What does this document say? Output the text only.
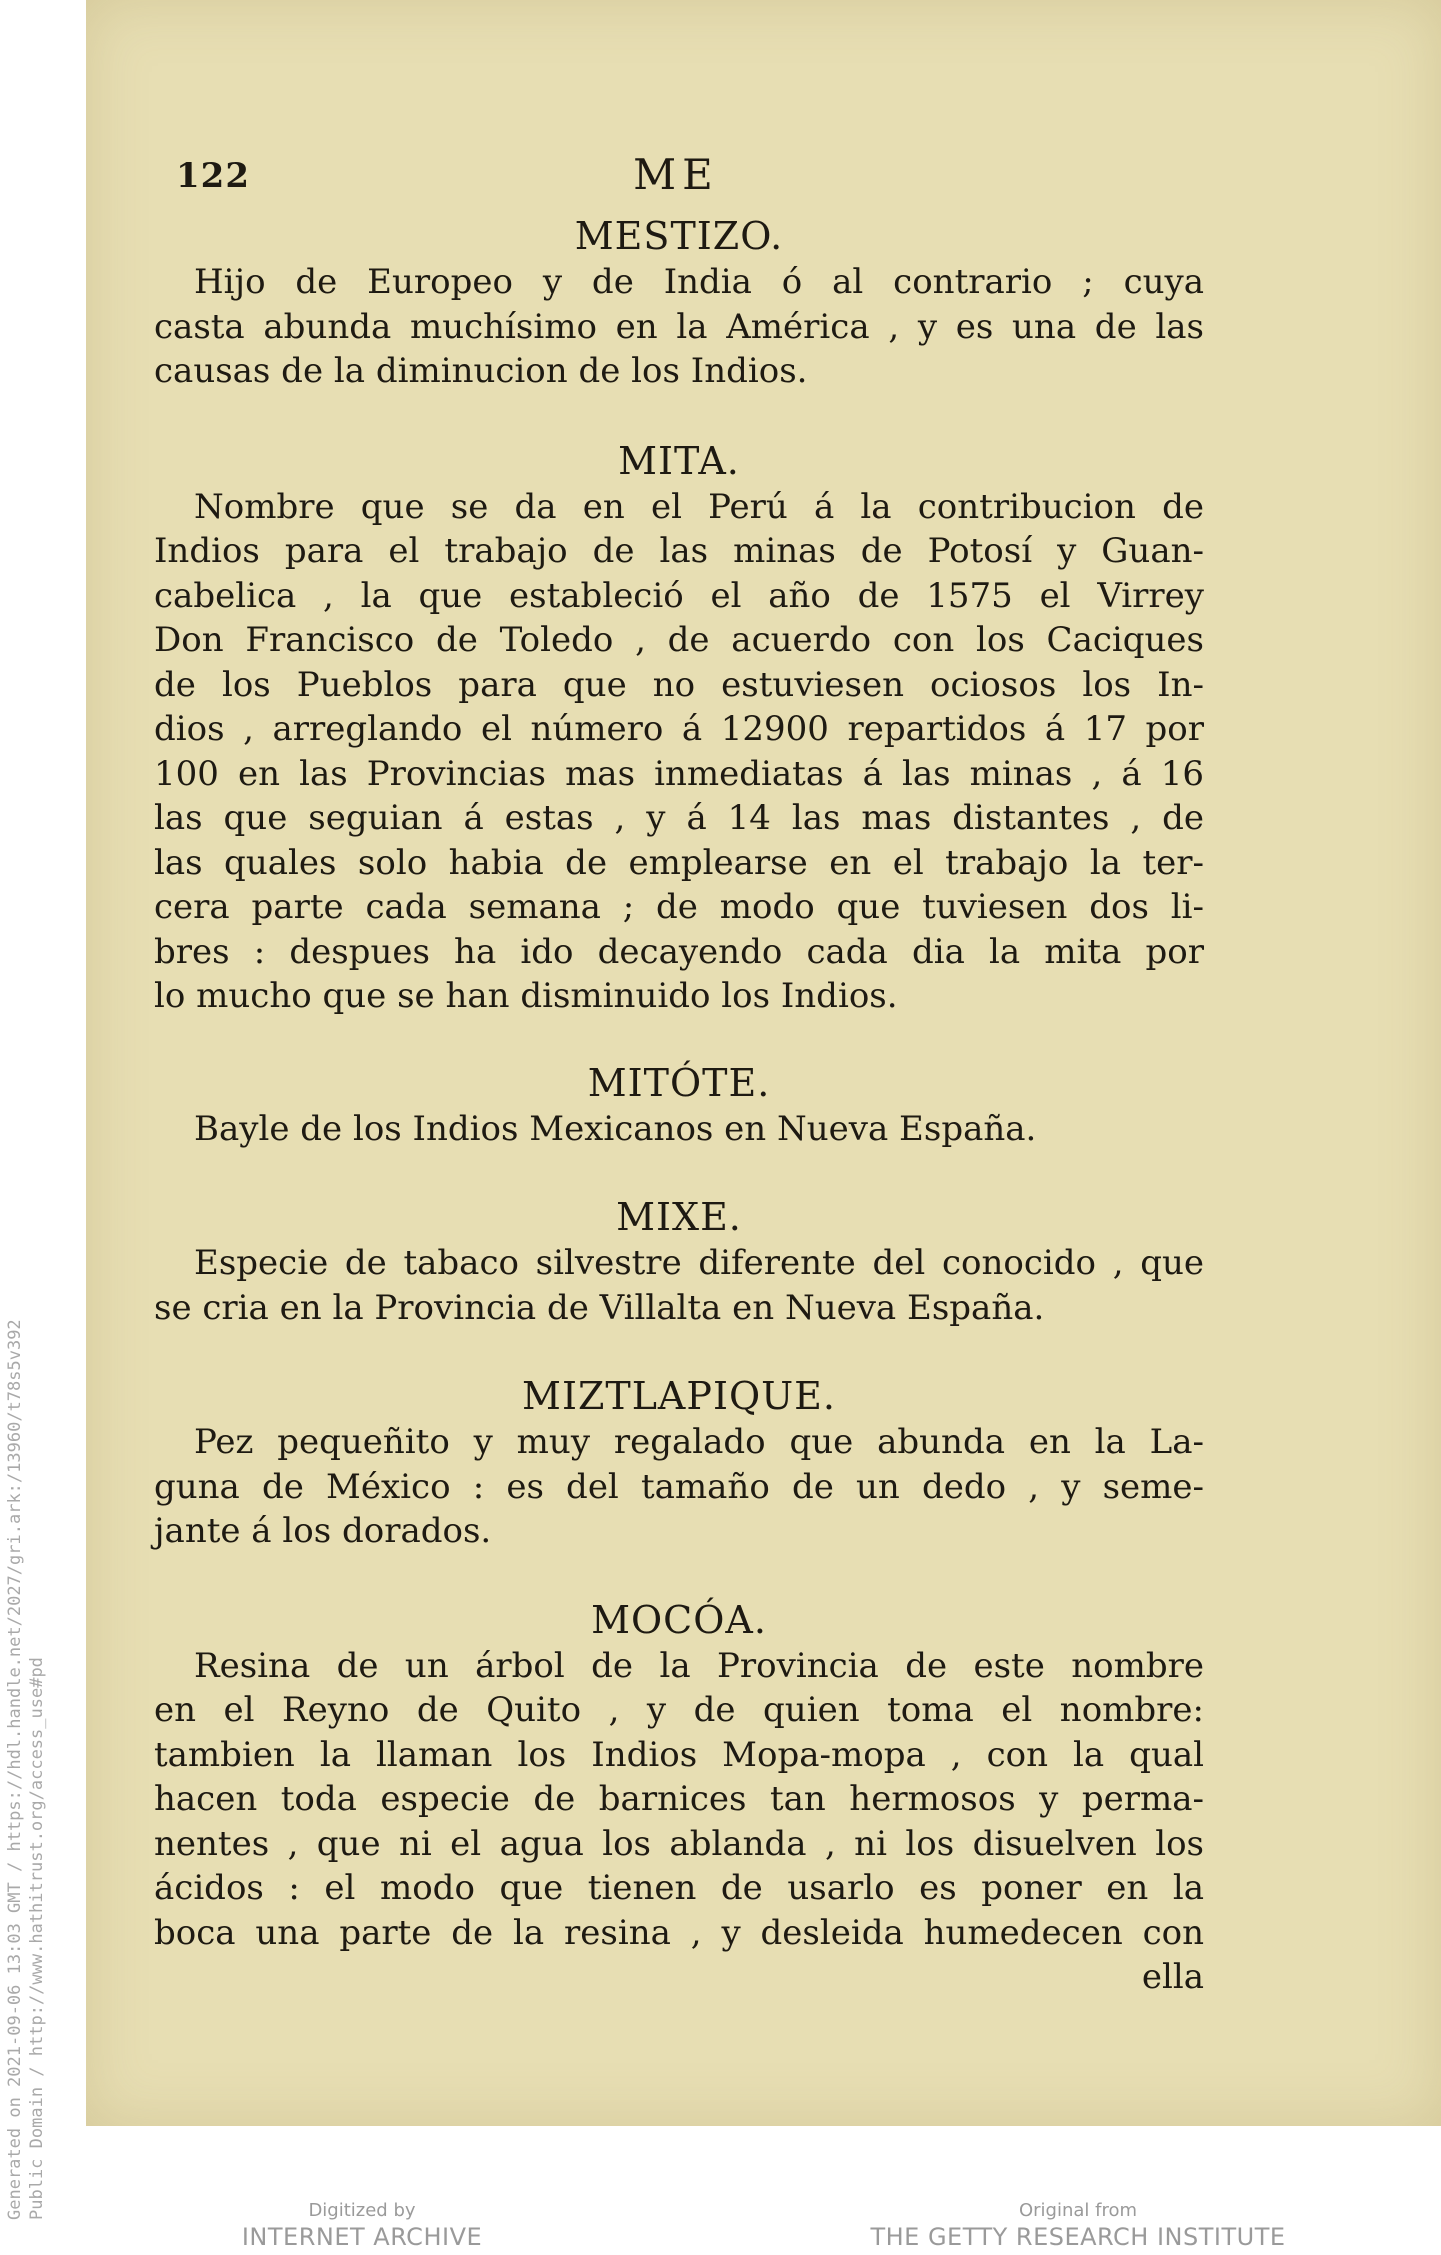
Generated on 2021-09-06 13:03 GMT / https://hdl.handle.net/2027/gri.ark:/13960/t78s5v392 Public Domain / http://www.hathitrust.org/access_use#pd
122	ME

MESTIZO.

Hijo de Europeo y de India ó al contrario ; cuya
casta abunda muchísimo en la América , y es una de las
causas de la diminucion de los Indios.

MITA.

Nombre que se da en el Perú á la contribucion de
Indios para el trabajo de las minas de Potosí y Guan-
cabelica , la que estableció el año de 1575 el Virrey
Don Francisco de Toledo , de acuerdo con los Caciques
de los Pueblos para que no estuviesen ociosos los In-
dios , arreglando el número á 12900 repartidos á 17 por
100 en las Provincias mas inmediatas á las minas , á 16
las que seguian á estas , y á 14 las mas distantes , de
las quales solo habia de emplearse en el trabajo la ter-
cera parte cada semana ; de modo que tuviesen dos li-
bres : despues ha ido decayendo cada dia la mita por
lo mucho que se han disminuido los Indios.

MITÓTE.

Bayle de los Indios Mexicanos en Nueva España.

MIXE.

Especie de tabaco silvestre diferente del conocido , que
se cria en la Provincia de Villalta en Nueva España.

MIZTLAPIQUE.

Pez pequeñito y muy regalado que abunda en la La-
guna de México : es del tamaño de un dedo , y seme-
jante á los dorados.

MOCÓA.

Resina de un árbol de la Provincia de este nombre
en el Reyno de Quito , y de quien toma el nombre:
tambien la llaman los Indios Mopa-mopa , con la qual
hacen toda especie de barnices tan hermosos y perma-
nentes , que ni el agua los ablanda , ni los disuelven los
ácidos : el modo que tienen de usarlo es poner en la
boca una parte de la resina , y desleida humedecen con
ella

Digitized by
INTERNET ARCHIVE
Original from
THE GETTY RESEARCH INSTITUTE
